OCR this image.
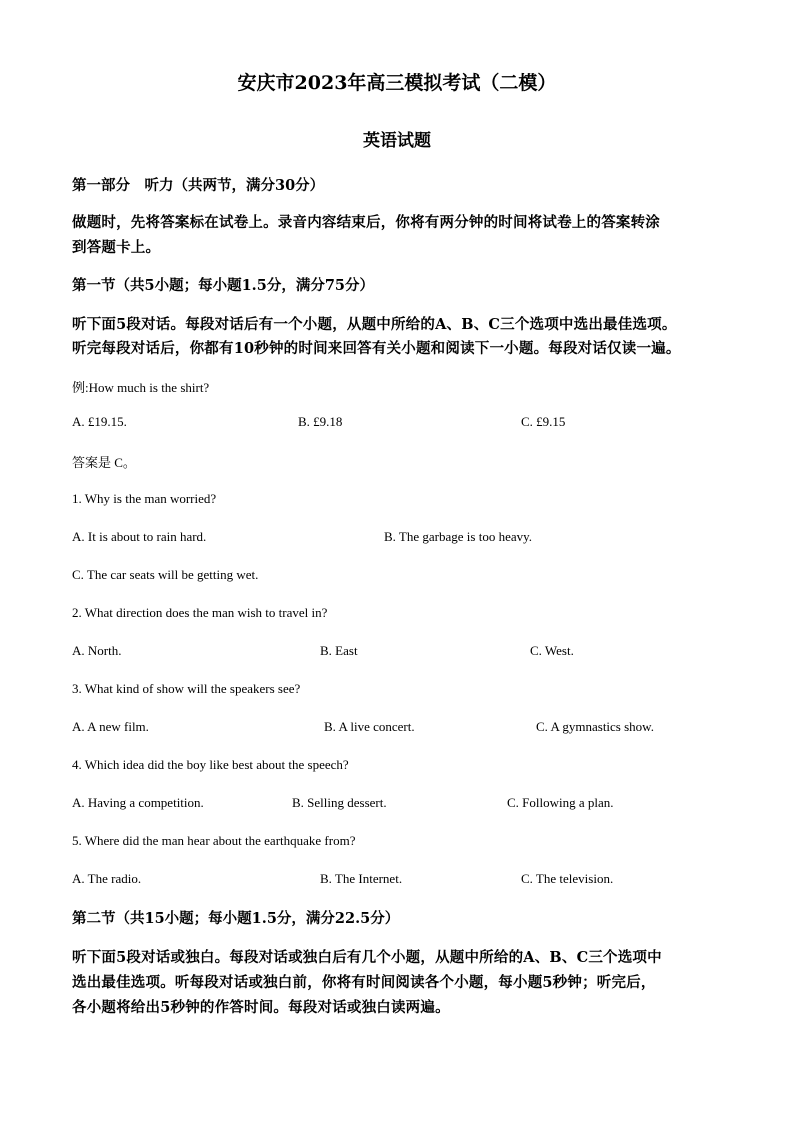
安庆市2023年高三模拟考试（二模）
英语试题
第一部分　听力（共两节，满分30分）
做题时，先将答案标在试卷上。录音内容结束后，你将有两分钟的时间将试卷上的答案转涂
到答题卡上。
第一节（共5小题；每小题1.5分，满分75分）
听下面5段对话。每段对话后有一个小题，从题中所给的A、B、C三个选项中选出最佳选项。
听完每段对话后，你都有10秒钟的时间来回答有关小题和阅读下一小题。每段对话仅读一遍。
例:How much is the shirt?
A. £19.15.	B. £9.18	C. £9.15
答案是 C。
1. Why is the man worried?
A. It is about to rain hard.	B. The garbage is too heavy.
C. The car seats will be getting wet.
2. What direction does the man wish to travel in?
A. North.	B. East	C. West.
3. What kind of show will the speakers see?
A. A new film.	B. A live concert.	C. A gymnastics show.
4. Which idea did the boy like best about the speech?
A. Having a competition.	B. Selling dessert.	C. Following a plan.
5. Where did the man hear about the earthquake from?
A. The radio.	B. The Internet.	C. The television.
第二节（共15小题；每小题1.5分，满分22.5分）
听下面5段对话或独白。每段对话或独白后有几个小题，从题中所给的A、B、C三个选项中
选出最佳选项。听每段对话或独白前，你将有时间阅读各个小题，每小题5秒钟；听完后，
各小题将给出5秒钟的作答时间。每段对话或独白读两遍。
